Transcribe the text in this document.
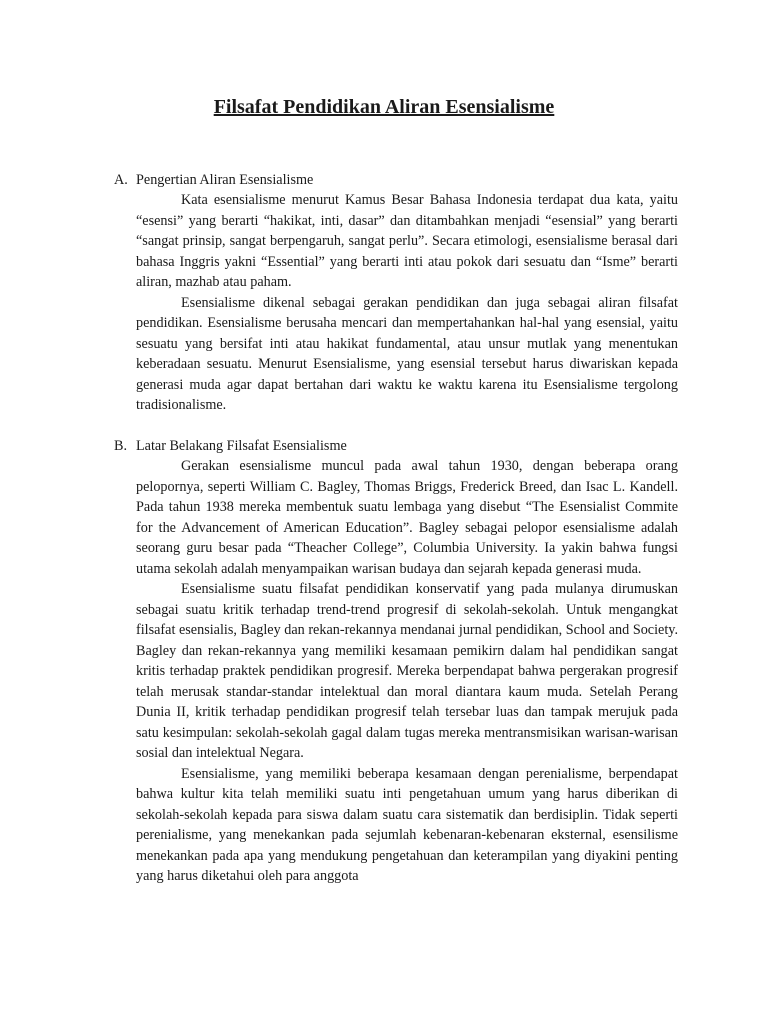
Filsafat Pendidikan Aliran Esensialisme
A. Pengertian Aliran Esensialisme

Kata esensialisme menurut Kamus Besar Bahasa Indonesia terdapat dua kata, yaitu “esensi” yang berarti “hakikat, inti, dasar” dan ditambahkan menjadi “esensial” yang berarti “sangat prinsip, sangat berpengaruh, sangat perlu”. Secara etimologi, esensialisme berasal dari bahasa Inggris yakni “Essential” yang berarti inti atau pokok dari sesuatu dan “Isme” berarti aliran, mazhab atau paham.

Esensialisme dikenal sebagai gerakan pendidikan dan juga sebagai aliran filsafat pendidikan. Esensialisme berusaha mencari dan mempertahankan hal-hal yang esensial, yaitu sesuatu yang bersifat inti atau hakikat fundamental, atau unsur mutlak yang menentukan keberadaan sesuatu. Menurut Esensialisme, yang esensial tersebut harus diwariskan kepada generasi muda agar dapat bertahan dari waktu ke waktu karena itu Esensialisme tergolong tradisionalisme.

B. Latar Belakang Filsafat Esensialisme

Gerakan esensialisme muncul pada awal tahun 1930, dengan beberapa orang pelopornya, seperti William C. Bagley, Thomas Briggs, Frederick Breed, dan Isac L. Kandell. Pada tahun 1938 mereka membentuk suatu lembaga yang disebut “The Esensialist Commite for the Advancement of American Education”. Bagley sebagai pelopor esensialisme adalah seorang guru besar pada “Theacher College”, Columbia University. Ia yakin bahwa fungsi utama sekolah adalah menyampaikan warisan budaya dan sejarah kepada generasi muda.

Esensialisme suatu filsafat pendidikan konservatif yang pada mulanya dirumuskan sebagai suatu kritik terhadap trend-trend progresif di sekolah-sekolah. Untuk mengangkat filsafat esensialis, Bagley dan rekan-rekannya mendanai jurnal pendidikan, School and Society. Bagley dan rekan-rekannya yang memiliki kesamaan pemikirn dalam hal pendidikan sangat kritis terhadap praktek pendidikan progresif. Mereka berpendapat bahwa pergerakan progresif telah merusak standar-standar intelektual dan moral diantara kaum muda. Setelah Perang Dunia II, kritik terhadap pendidikan progresif telah tersebar luas dan tampak merujuk pada satu kesimpulan: sekolah-sekolah gagal dalam tugas mereka mentransmisikan warisan-warisan sosial dan intelektual Negara.

Esensialisme, yang memiliki beberapa kesamaan dengan perenialisme, berpendapat bahwa kultur kita telah memiliki suatu inti pengetahuan umum yang harus diberikan di sekolah-sekolah kepada para siswa dalam suatu cara sistematik dan berdisiplin. Tidak seperti perenialisme, yang menekankan pada sejumlah kebenaran-kebenaran eksternal, esensilisme menekankan pada apa yang mendukung pengetahuan dan keterampilan yang diyakini penting yang harus diketahui oleh para anggota
